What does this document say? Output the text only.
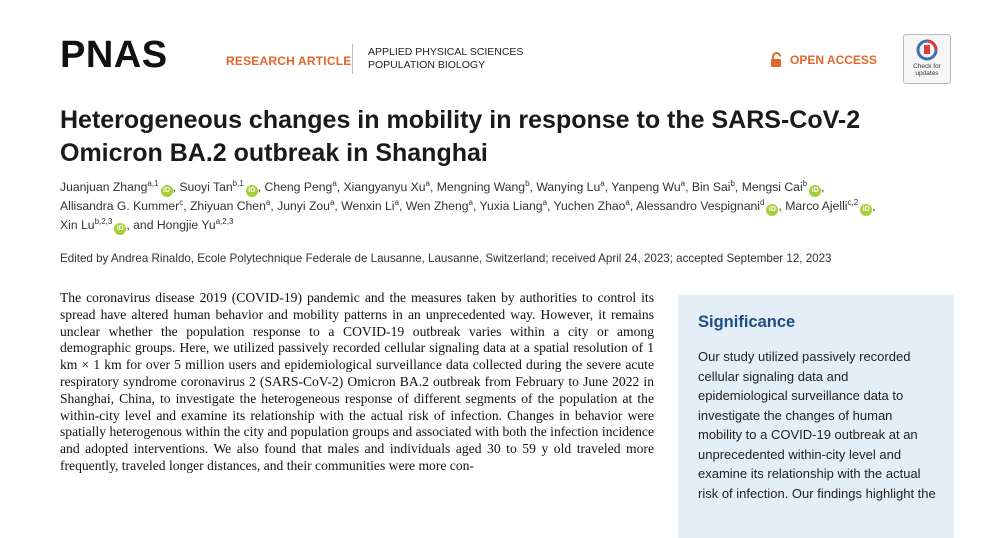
PNAS	RESEARCH ARTICLE
APPLIED PHYSICAL SCIENCES
POPULATION BIOLOGY	OPEN ACCESS	Check for updates
Heterogeneous changes in mobility in response to the SARS-CoV-2 Omicron BA.2 outbreak in Shanghai
Juanjuan Zhang$^{a,1}$iD , Suoyi Tan$^{b,1}$iD , Cheng Peng$^a$, Xiangyanyu Xu$^a$, Mengning Wang$^b$, Wanying Lu$^a$, Yanpeng Wu$^a$, Bin Sai$^b$, Mengsi Cai$^b$iD , Allisandra G. Kummer$^c$, Zhiyuan Chen$^a$, Junyi Zou$^a$, Wenxin Li$^a$, Wen Zheng$^a$, Yuxia Liang$^a$, Yuchen Zhao$^a$, Alessandro Vespignani$^d$iD , Marco Ajelli$^{c,2}$iD , Xin Lu$^{b,2,3}$iD , and Hongjie Yu$^{a,2,3}$
Edited by Andrea Rinaldo, Ecole Polytechnique Federale de Lausanne, Lausanne, Switzerland; received April 24, 2023; accepted September 12, 2023

The coronavirus disease 2019 (COVID-19) pandemic and the measures taken by authorities to control its spread have altered human behavior and mobility patterns in an unprecedented way. However, it remains unclear whether the population response to a COVID-19 outbreak varies within a city or among demographic groups. Here, we utilized passively recorded cellular signaling data at a spatial resolution of 1 km × 1 km for over 5 million users and epidemiological surveillance data collected during the severe acute respiratory syndrome coronavirus 2 (SARS-CoV-2) Omicron BA.2 outbreak from February to June 2022 in Shanghai, China, to investigate the heterogeneous response of different segments of the population at the within-city level and examine its relationship with the actual risk of infection. Changes in behavior were spatially heterogenous within the city and population groups and associated with both the infection incidence and adopted interventions. We also found that males and individuals aged 30 to 59 y old traveled more frequently, traveled longer distances, and their communities were more con-

Significance

Our study utilized passively recorded cellular signaling data and epidemiological surveillance data to investigate the changes of human mobility to a COVID-19 outbreak at an unprecedented within-city level and examine its relationship with the actual risk of infection. Our findings highlight the
